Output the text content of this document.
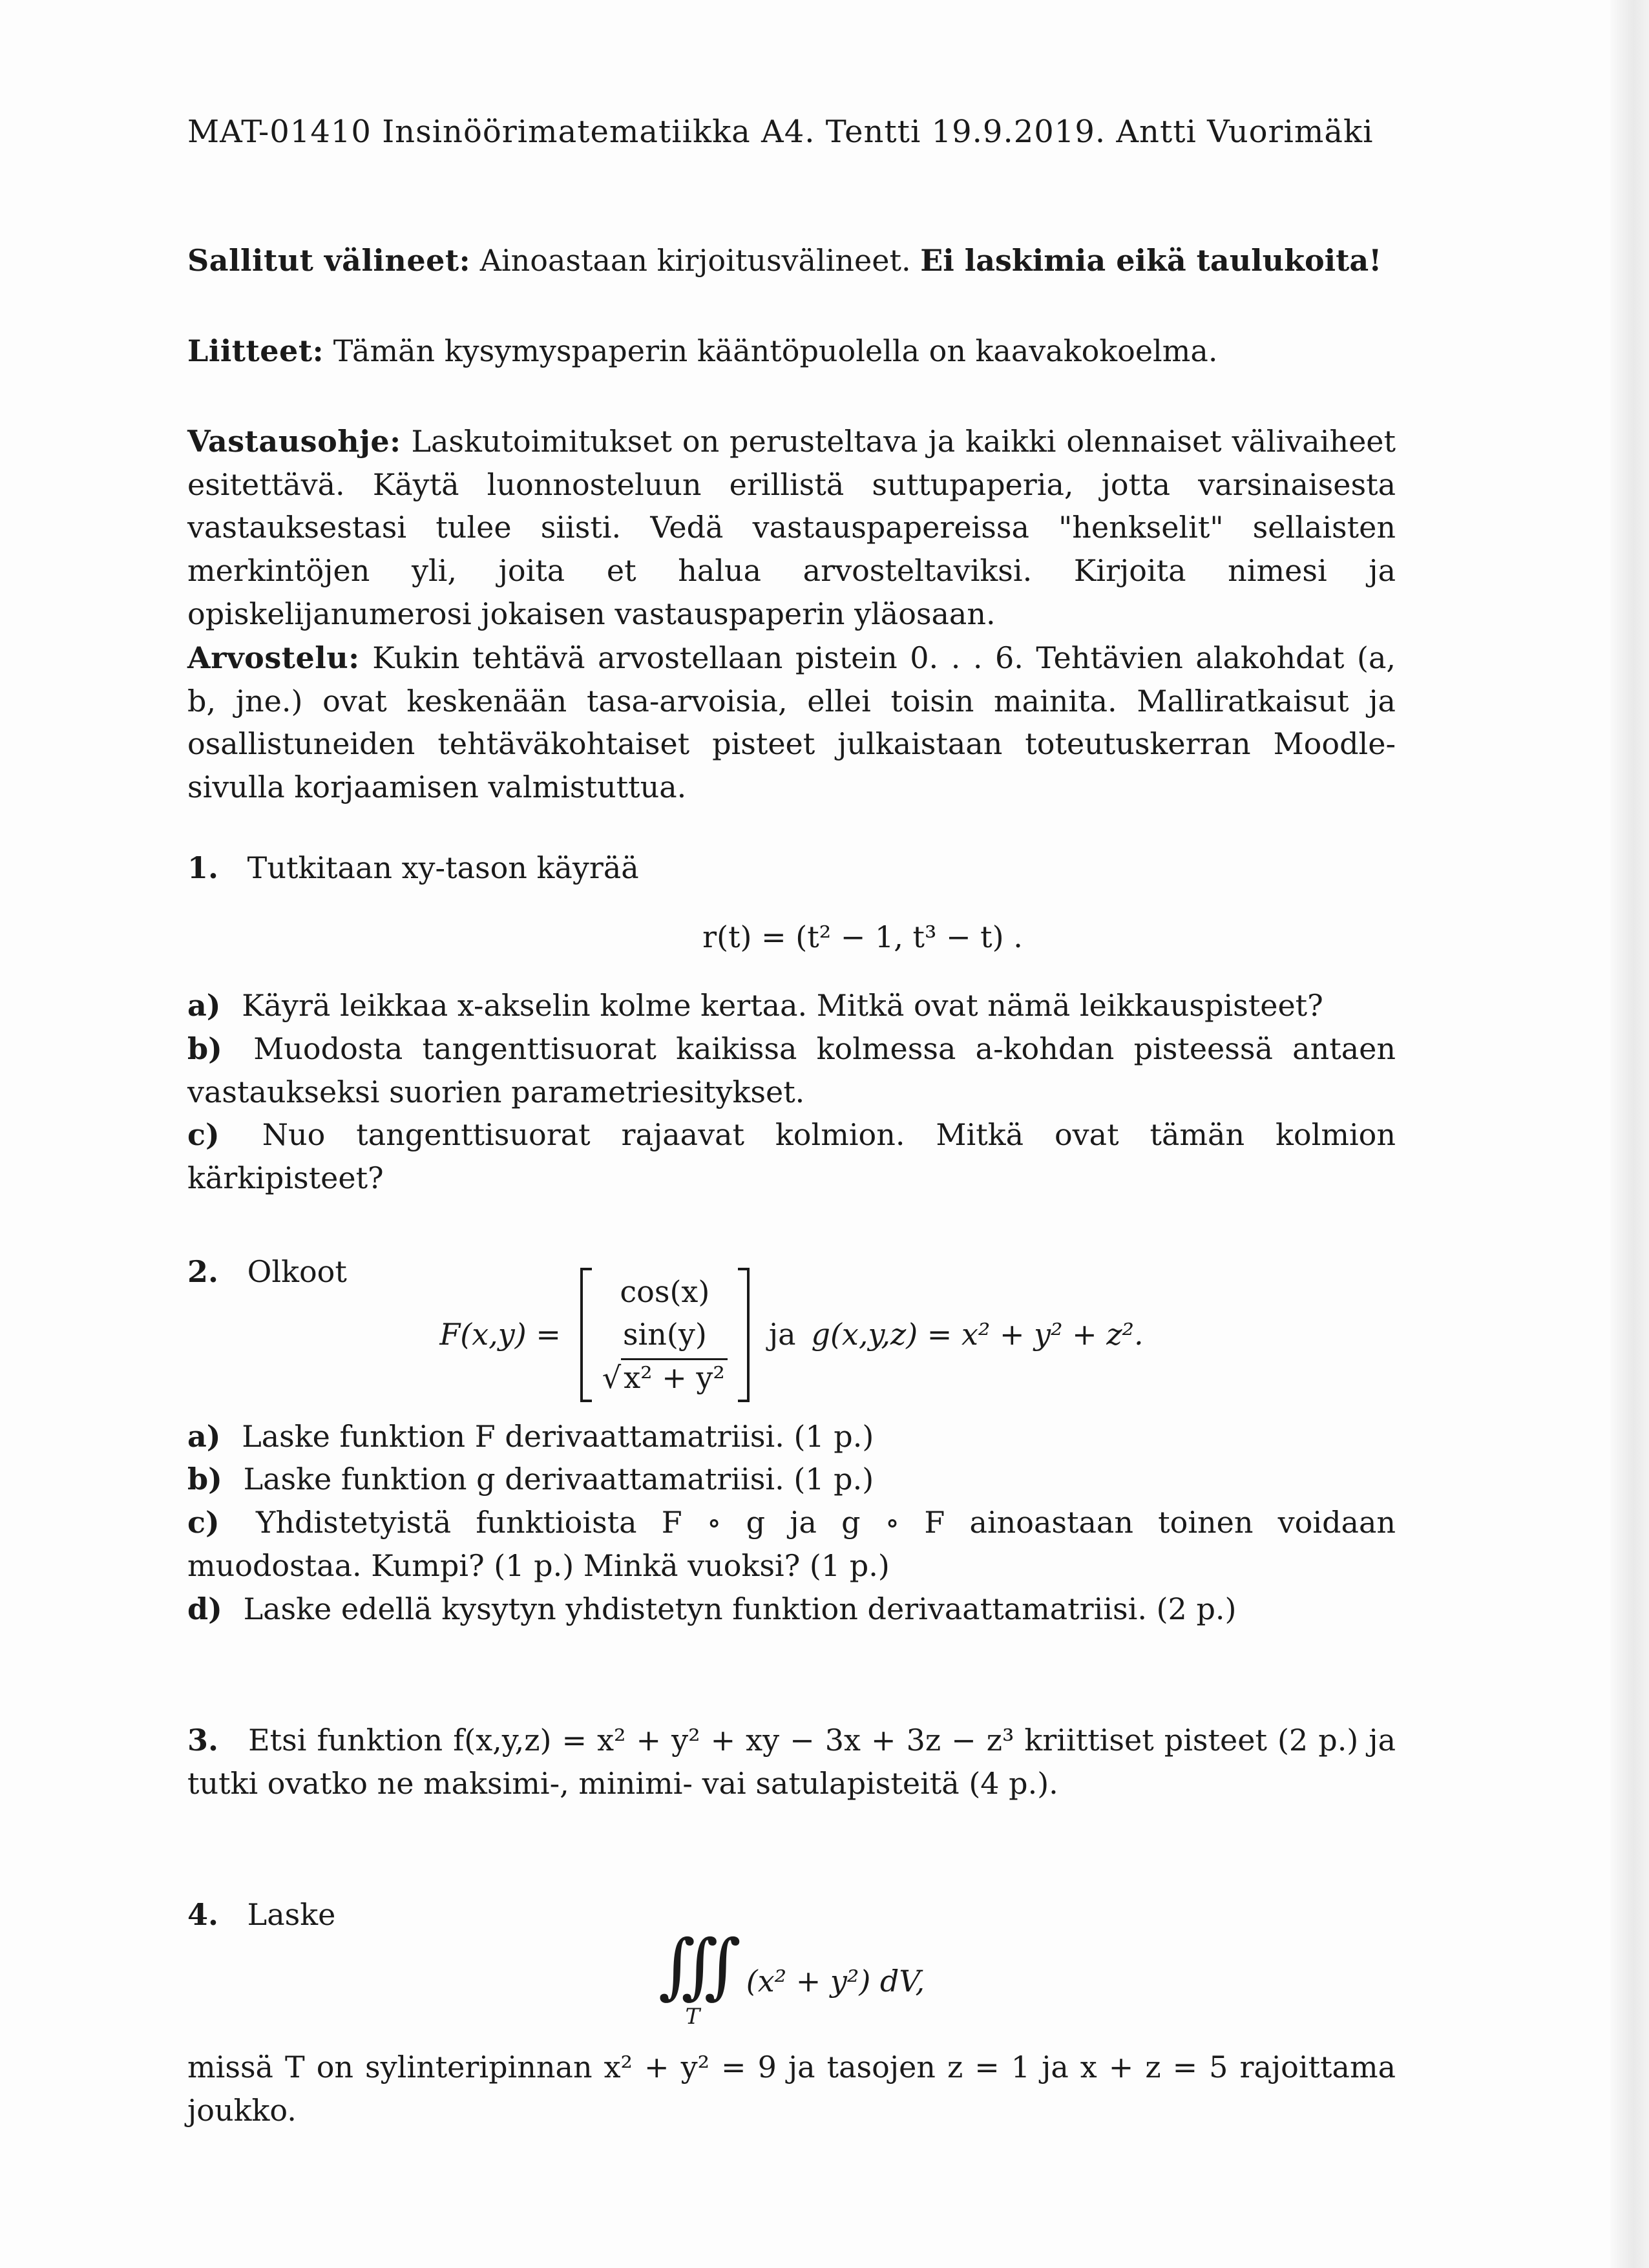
MAT-01410 Insinöörimatematiikka A4. Tentti 19.9.2019. Antti Vuorimäki

Sallitut välineet: Ainoastaan kirjoitusvälineet. Ei laskimia eikä taulukoita!

Liitteet: Tämän kysymyspaperin kääntöpuolella on kaavakokoelma.

Vastausohje: Laskutoimitukset on perusteltava ja kaikki olennaiset välivaiheet esitettävä. Käytä luonnosteluun erillistä suttupaperia, jotta varsinaisesta vastauksestasi tulee siisti. Vedä vastauspapereissa "henkselit" sellaisten merkintöjen yli, joita et halua arvosteltaviksi. Kirjoita nimesi ja opiskelijanumerosi jokaisen vastauspaperin yläosaan.

Arvostelu: Kukin tehtävä arvostellaan pistein 0. . . 6. Tehtävien alakohdat (a, b, jne.) ovat keskenään tasa-arvoisia, ellei toisin mainita. Malliratkaisut ja osallistuneiden tehtäväkohtaiset pisteet julkaistaan toteutuskerran Moodle-sivulla korjaamisen valmistuttua.

1. Tutkitaan xy-tason käyrää

r(t) = (t² − 1, t³ − t) .

a) Käyrä leikkaa x-akselin kolme kertaa. Mitkä ovat nämä leikkauspisteet?

b) Muodosta tangenttisuorat kaikissa kolmessa a-kohdan pisteessä antaen vastaukseksi suorien parametriesitykset.

c) Nuo tangenttisuorat rajaavat kolmion. Mitkä ovat tämän kolmion kärkipisteet?

2. Olkoot

F(x,y) =
cos(x)
sin(y)
√x² + y²
ja g(x,y,z) = x² + y² + z².

a) Laske funktion F derivaattamatriisi. (1 p.)

b) Laske funktion g derivaattamatriisi. (1 p.)

c) Yhdistetyistä funktioista F ∘ g ja g ∘ F ainoastaan toinen voidaan muodostaa. Kumpi? (1 p.) Minkä vuoksi? (1 p.)

d) Laske edellä kysytyn yhdistetyn funktion derivaattamatriisi. (2 p.)

3. Etsi funktion f(x,y,z) = x² + y² + xy − 3x + 3z − z³ kriittiset pisteet (2 p.) ja tutki ovatko ne maksimi-, minimi- vai satulapisteitä (4 p.).

4. Laske

∫∫∫
T
(x² + y²) dV,

missä T on sylinteripinnan x² + y² = 9 ja tasojen z = 1 ja x + z = 5 rajoittama joukko.
